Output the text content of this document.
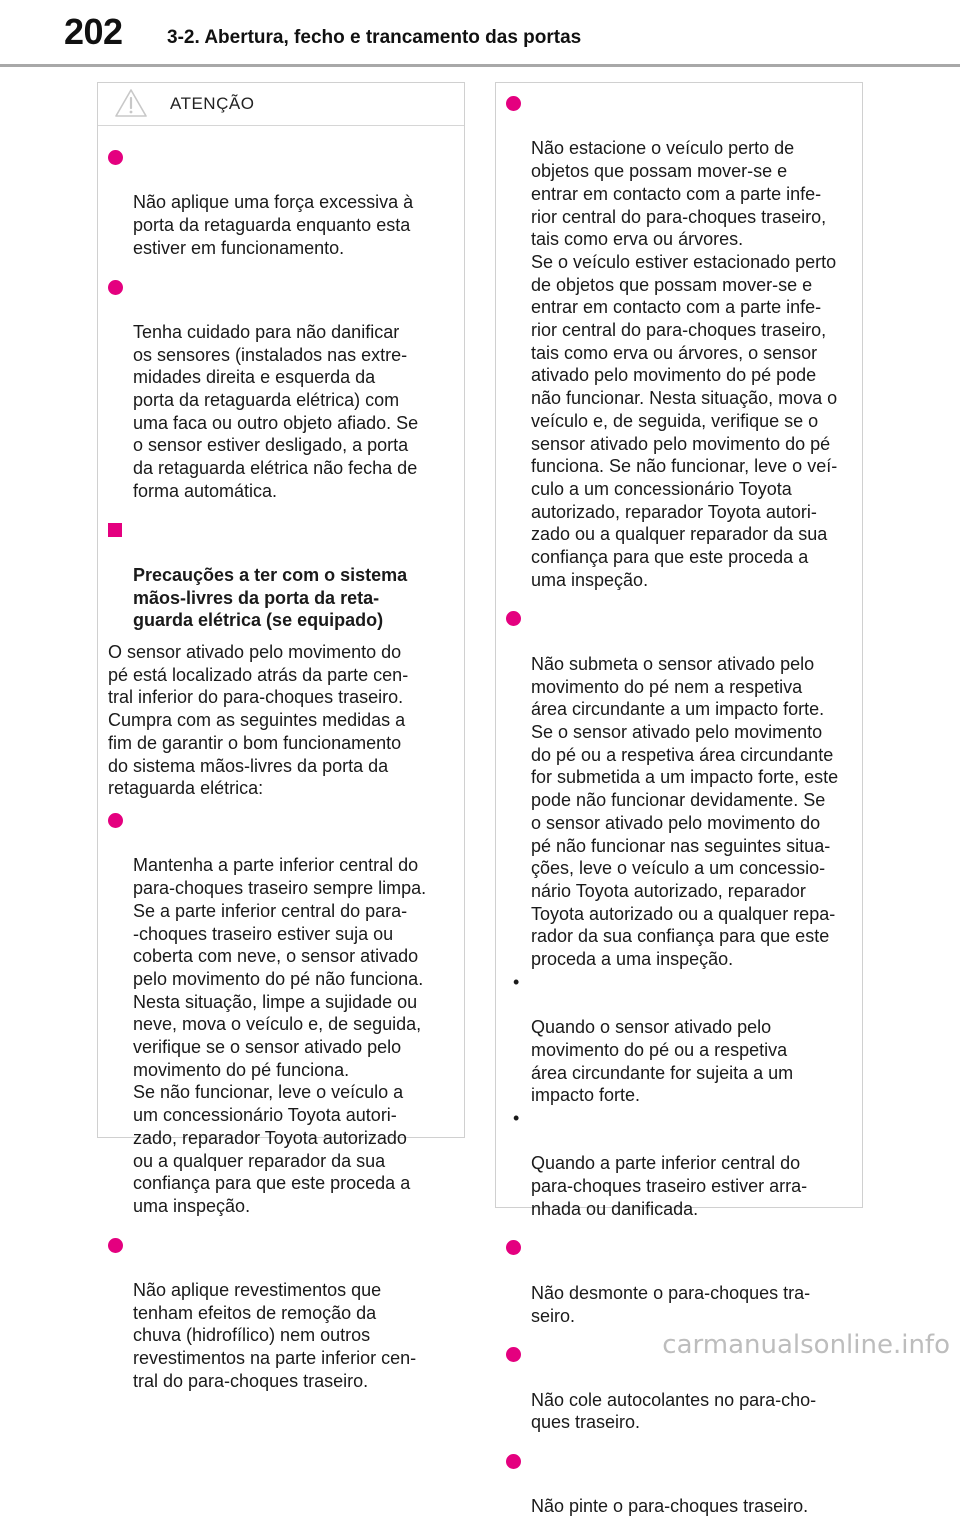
202 3-2. Abertura, fecho e trancamento das portas
ATENÇÃO

Não aplique uma força excessiva à
porta da retaguarda enquanto esta
estiver em funcionamento.

Tenha cuidado para não danificar
os sensores (instalados nas extre-
midades direita e esquerda da
porta da retaguarda elétrica) com
uma faca ou outro objeto afiado. Se
o sensor estiver desligado, a porta
da retaguarda elétrica não fecha de
forma automática.

Precauções a ter com o sistema
mãos-livres da porta da reta-
guarda elétrica (se equipado)

O sensor ativado pelo movimento do
pé está localizado atrás da parte cen-
tral inferior do para-choques traseiro.
Cumpra com as seguintes medidas a
fim de garantir o bom funcionamento
do sistema mãos-livres da porta da
retaguarda elétrica:

Mantenha a parte inferior central do
para-choques traseiro sempre limpa.
Se a parte inferior central do para-
-choques traseiro estiver suja ou
coberta com neve, o sensor ativado
pelo movimento do pé não funciona.
Nesta situação, limpe a sujidade ou
neve, mova o veículo e, de seguida,
verifique se o sensor ativado pelo
movimento do pé funciona.
Se não funcionar, leve o veículo a
um concessionário Toyota autori-
zado, reparador Toyota autorizado
ou a qualquer reparador da sua
confiança para que este proceda a
uma inspeção.

Não aplique revestimentos que
tenham efeitos de remoção da
chuva (hidrofílico) nem outros
revestimentos na parte inferior cen-
tral do para-choques traseiro.

Não estacione o veículo perto de
objetos que possam mover-se e
entrar em contacto com a parte infe-
rior central do para-choques traseiro,
tais como erva ou árvores.
Se o veículo estiver estacionado perto
de objetos que possam mover-se e
entrar em contacto com a parte infe-
rior central do para-choques traseiro,
tais como erva ou árvores, o sensor
ativado pelo movimento do pé pode
não funcionar. Nesta situação, mova o
veículo e, de seguida, verifique se o
sensor ativado pelo movimento do pé
funciona. Se não funcionar, leve o veí-
culo a um concessionário Toyota
autorizado, reparador Toyota autori-
zado ou a qualquer reparador da sua
confiança para que este proceda a
uma inspeção.

Não submeta o sensor ativado pelo
movimento do pé nem a respetiva
área circundante a um impacto forte.
Se o sensor ativado pelo movimento
do pé ou a respetiva área circundante
for submetida a um impacto forte, este
pode não funcionar devidamente. Se
o sensor ativado pelo movimento do
pé não funcionar nas seguintes situa-
ções, leve o veículo a um concessio-
nário Toyota autorizado, reparador
Toyota autorizado ou a qualquer repa-
rador da sua confiança para que este
proceda a uma inspeção.

•

Quando o sensor ativado pelo
movimento do pé ou a respetiva
área circundante for sujeita a um
impacto forte.

•

Quando a parte inferior central do
para-choques traseiro estiver arra-
nhada ou danificada.

Não desmonte o para-choques tra-
seiro.

Não cole autocolantes no para-cho-
ques traseiro.

Não pinte o para-choques traseiro.

carmanualsonline.info
